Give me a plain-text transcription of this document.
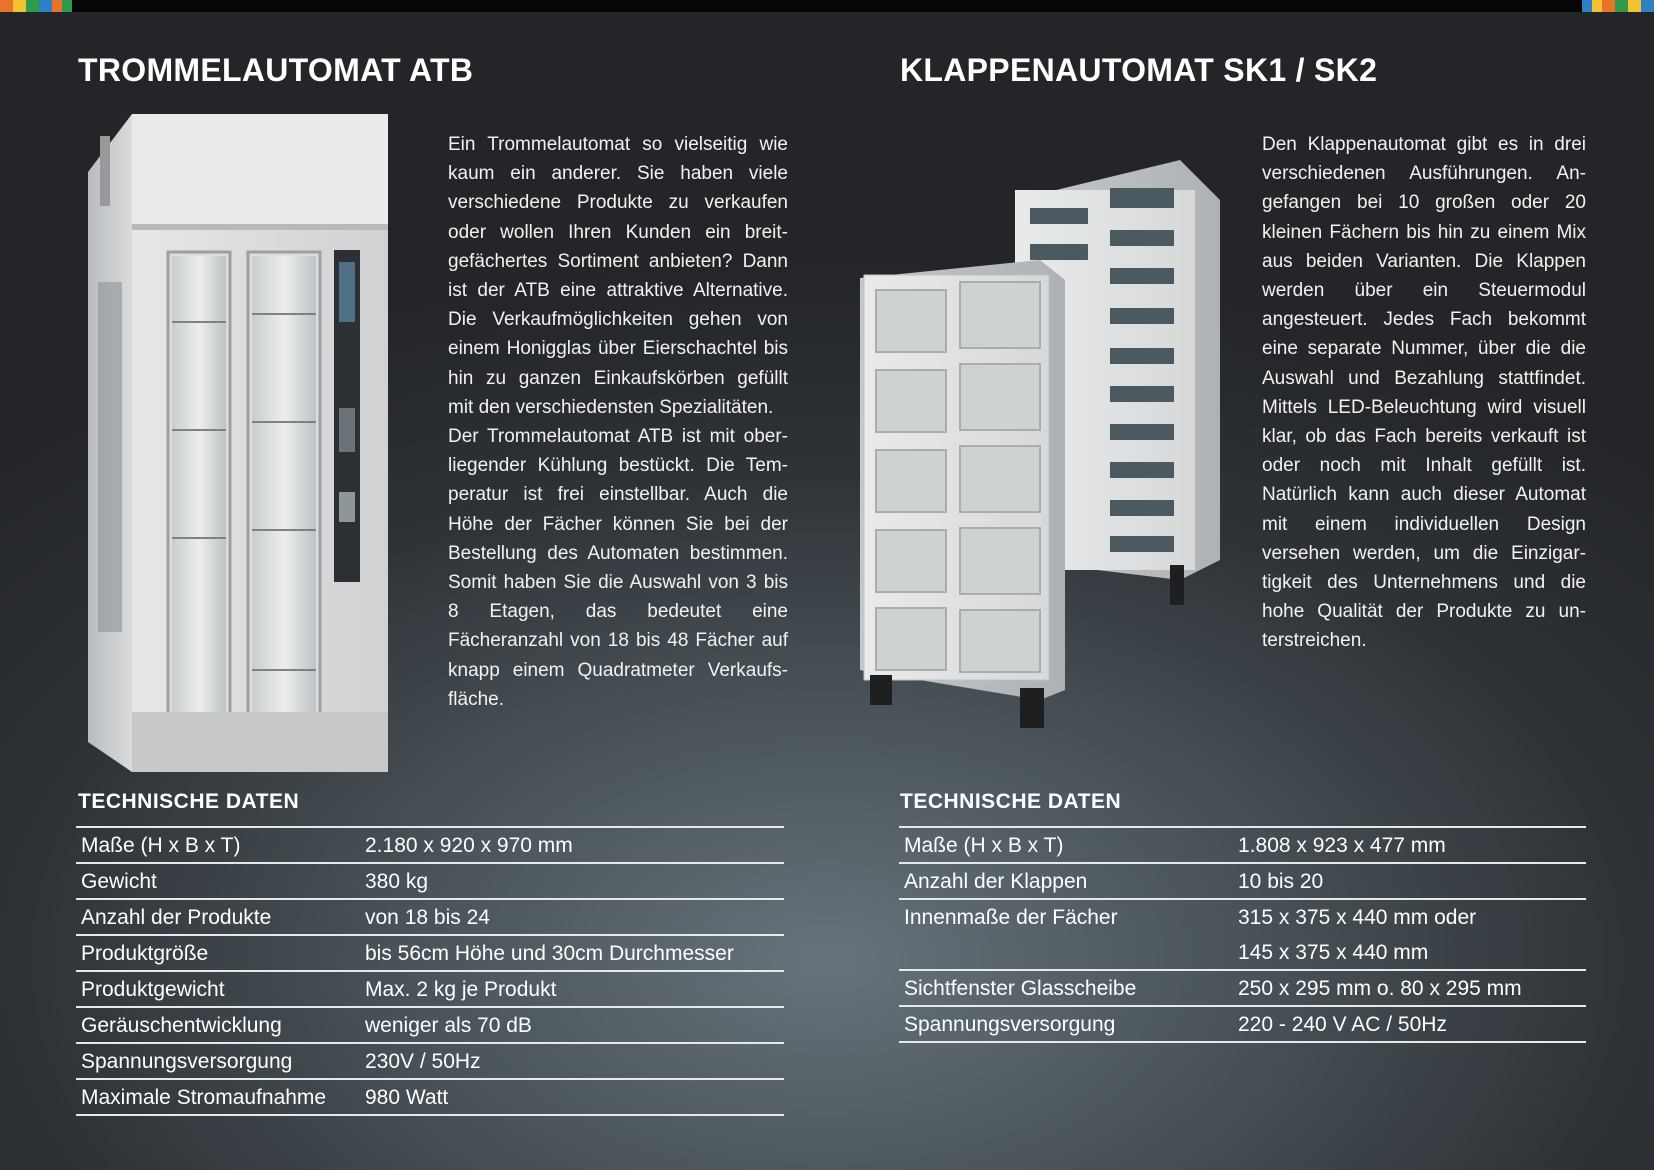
TROMMELAUTOMAT ATB

Ein Trommelautomat so vielseitig wie kaum ein anderer. Sie haben viele verschiedene Produkte zu verkaufen oder wollen Ihren Kunden ein breitgefächertes Sortiment anbieten? Dann ist der ATB eine attraktive Alternative. Die Verkaufmöglichkeiten gehen von einem Honigglas über Eierschachtel bis hin zu ganzen Einkaufskörben gefüllt mit den verschiedensten Spezialitäten.

Der Trommelautomat ATB ist mit oberliegender Kühlung bestückt. Die Temperatur ist frei einstellbar. Auch die Höhe der Fächer können Sie bei der Bestellung des Automaten bestimmen. Somit haben Sie die Auswahl von 3 bis 8 Etagen, das bedeutet eine Fächeranzahl von 18 bis 48 Fächer auf knapp einem Quadratmeter Verkaufsfläche.

TECHNISCHE DATEN
Maße (H x B x T)	2.180 x 920 x 970 mm
Gewicht	380 kg
Anzahl der Produkte	von 18 bis 24
Produktgröße	bis 56cm Höhe und 30cm Durchmesser
Produktgewicht	Max. 2 kg je Produkt
Geräuschentwicklung	weniger als 70 dB
Spannungsversorgung	230V / 50Hz
Maximale Stromaufnahme	980 Watt
KLAPPENAUTOMAT SK1 / SK2

Den Klappenautomat gibt es in drei verschiedenen Ausführungen. Angefangen bei 10 großen oder 20 kleinen Fächern bis hin zu einem Mix aus beiden Varianten. Die Klappen werden über ein Steuermodul angesteuert. Jedes Fach bekommt eine separate Nummer, über die die Auswahl und Bezahlung stattfindet. Mittels LED-Beleuchtung wird visuell klar, ob das Fach bereits verkauft ist oder noch mit Inhalt gefüllt ist. Natürlich kann auch dieser Automat mit einem individuellen Design versehen werden, um die Einzigartigkeit des Unternehmens und die hohe Qualität der Produkte zu unterstreichen.

TECHNISCHE DATEN
Maße (H x B x T)	1.808 x 923 x 477 mm
Anzahl der Klappen	10 bis 20
Innenmaße der Fächer	315 x 375 x 440 mm oder
145 x 375 x 440 mm
Sichtfenster Glasscheibe	250 x 295 mm o. 80 x 295 mm
Spannungsversorgung	220 - 240 V AC / 50Hz
